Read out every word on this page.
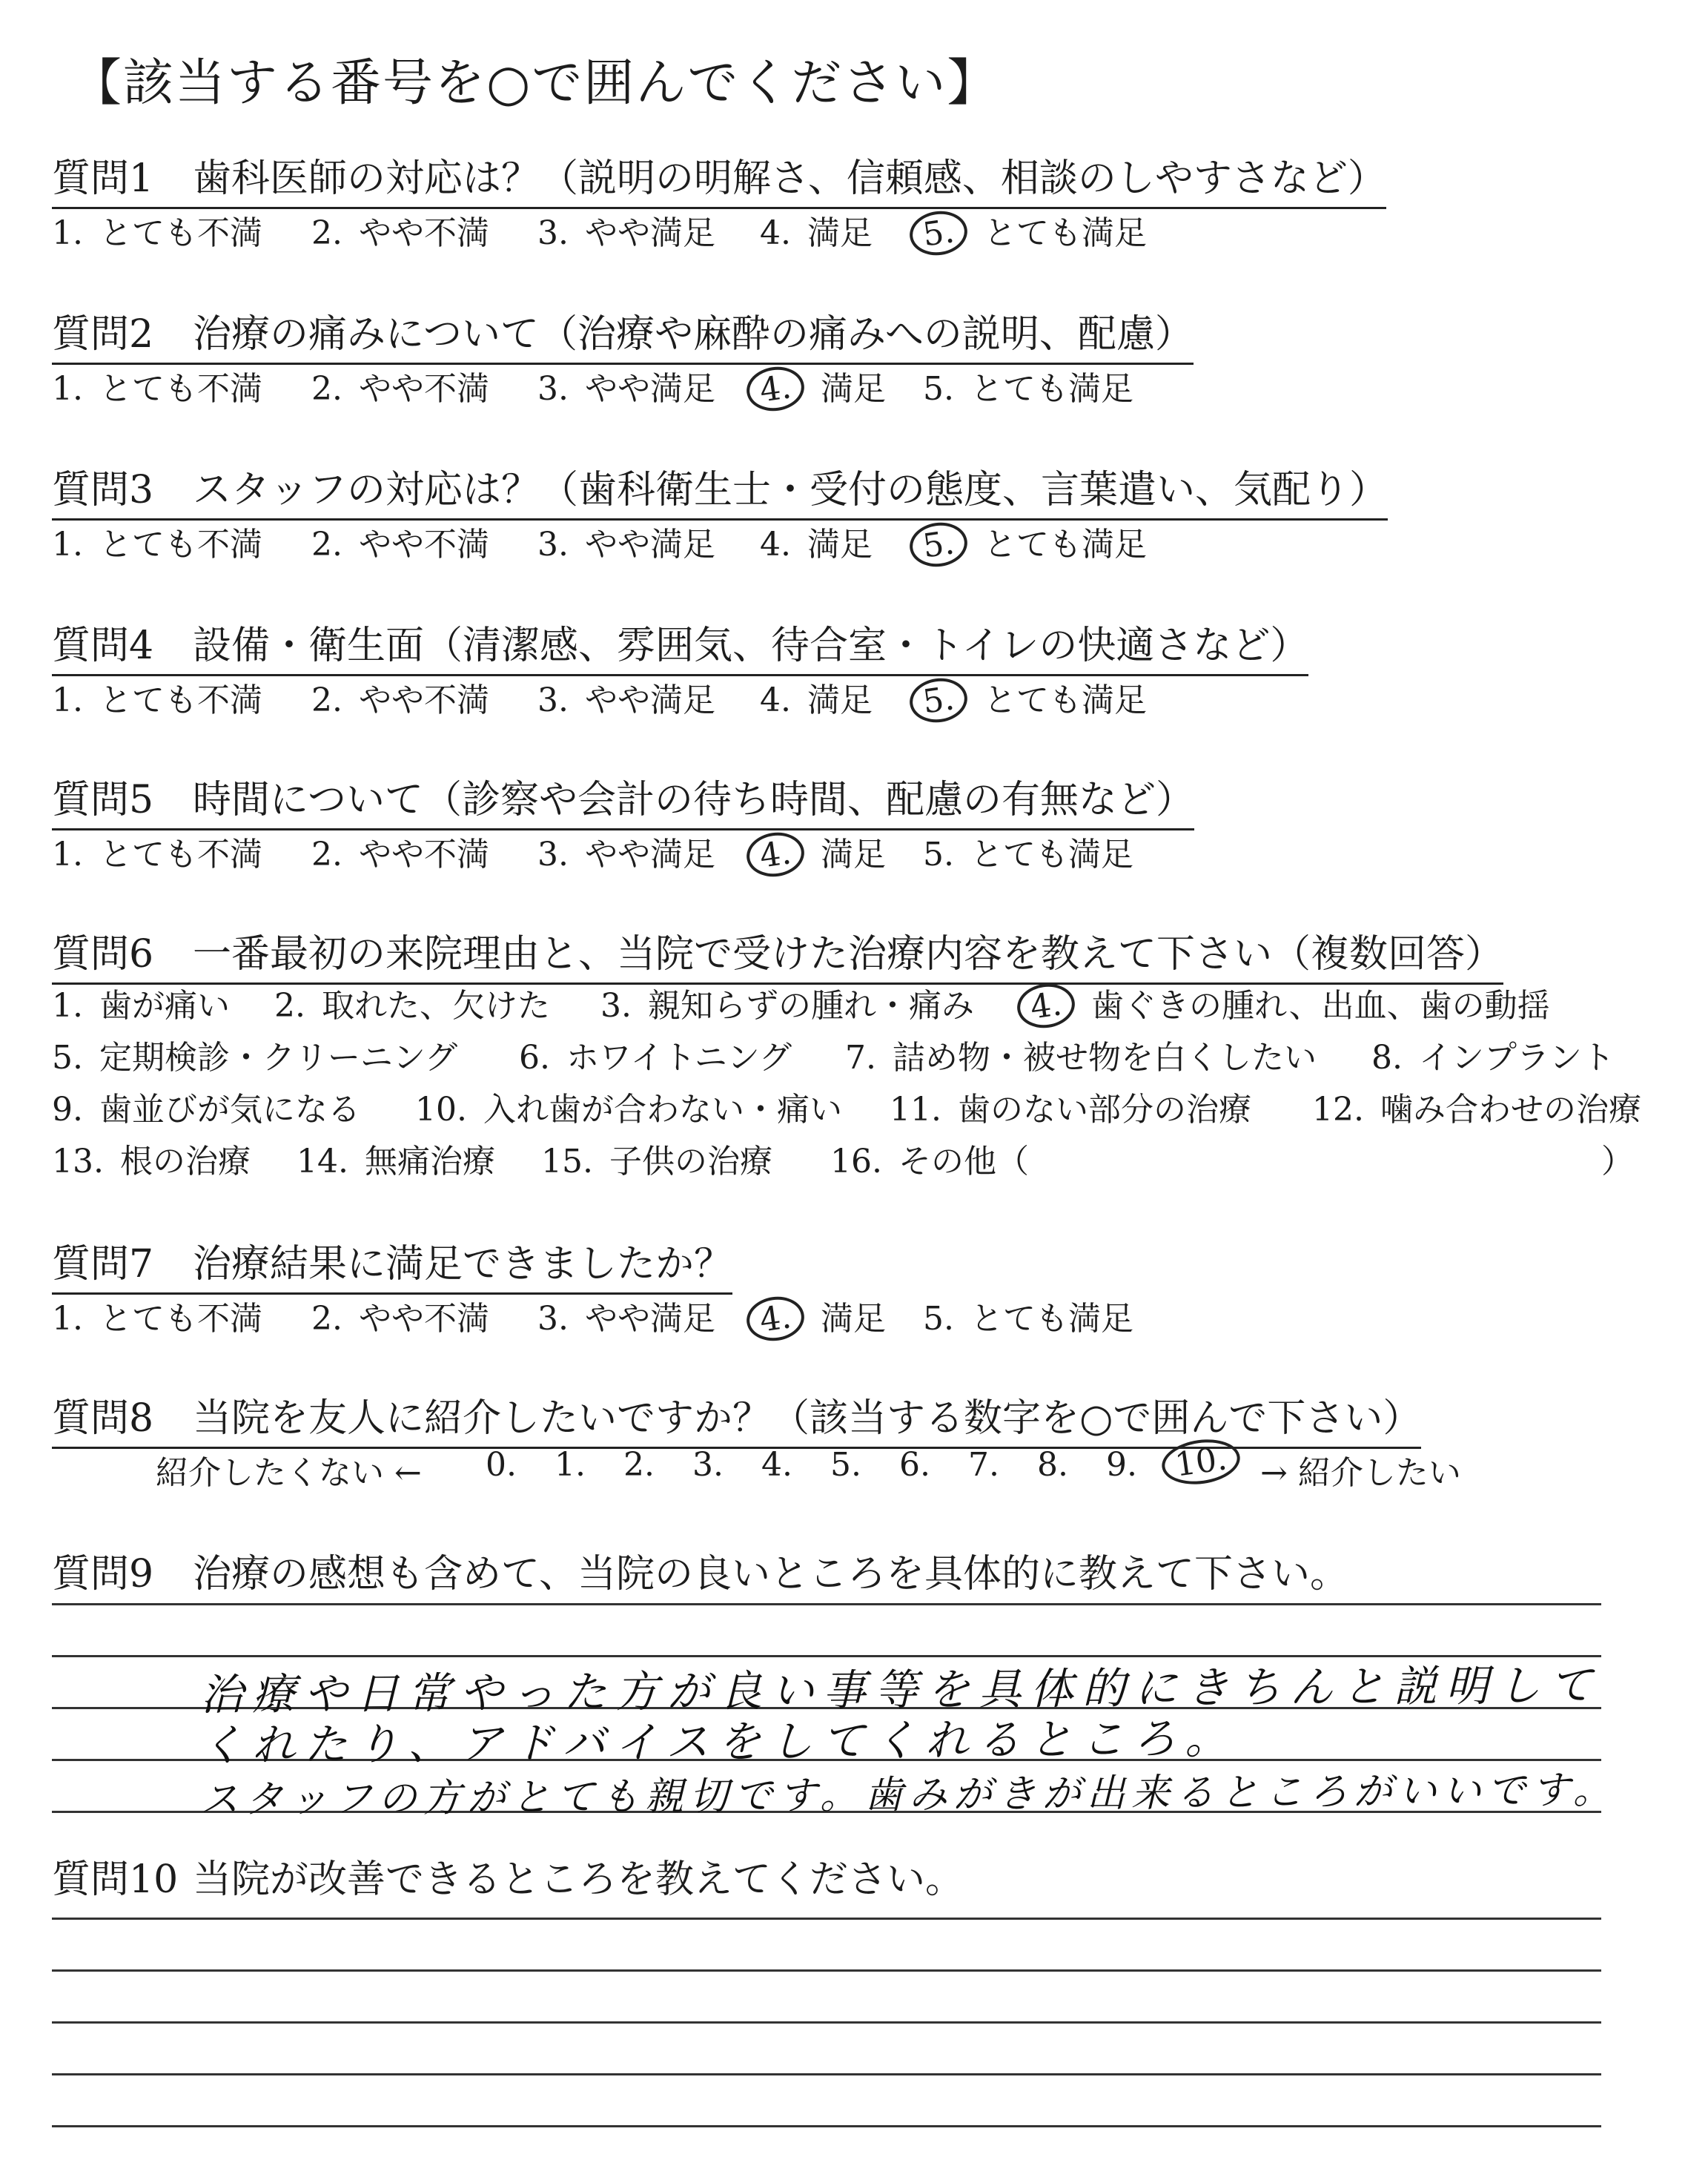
【該当する番号を○で囲んでください】
質問1 歯科医師の対応は？（説明の明解さ、信頼感、相談のしやすさなど）
1. とても不満 2. やや不満 3. やや満足 4. 満足 5. とても満足
質問2 治療の痛みについて（治療や麻酔の痛みへの説明、配慮）
1. とても不満 2. やや不満 3. やや満足 4. 満足 5. とても満足
質問3 スタッフの対応は？（歯科衛生士・受付の態度、言葉遣い、気配り）
1. とても不満 2. やや不満 3. やや満足 4. 満足 5. とても満足
質問4 設備・衛生面（清潔感、雰囲気、待合室・トイレの快適さなど）
1. とても不満 2. やや不満 3. やや満足 4. 満足 5. とても満足
質問5 時間について（診察や会計の待ち時間、配慮の有無など）
1. とても不満 2. やや不満 3. やや満足 4. 満足 5. とても満足
質問6 一番最初の来院理由と、当院で受けた治療内容を教えて下さい（複数回答）
1. 歯が痛い 2. 取れた、欠けた 3. 親知らずの腫れ・痛み 4. 歯ぐきの腫れ、出血、歯の動揺
5. 定期検診・クリーニング 6. ホワイトニング 7. 詰め物・被せ物を白くしたい 8. インプラント
9. 歯並びが気になる 10. 入れ歯が合わない・痛い 11. 歯のない部分の治療 12. 噛み合わせの治療
13. 根の治療 14. 無痛治療 15. 子供の治療 16. その他（	）
質問7 治療結果に満足できましたか？
1. とても不満 2. やや不満 3. やや満足 4. 満足 5. とても満足
質問8 当院を友人に紹介したいですか？（該当する数字を○で囲んで下さい）
紹介したくない ← 0. 1. 2. 3. 4. 5. 6. 7. 8. 9.	10. → 紹介したい
質問9 治療の感想も含めて、当院の良いところを具体的に教えて下さい。
治療や日常やった方が良い事等を具体的にきちんと説明して
くれたり、アドバイスをしてくれるところ。
スタッフの方がとても親切です。歯みがきが出来るところがいいです。
質問10 当院が改善できるところを教えてください。
